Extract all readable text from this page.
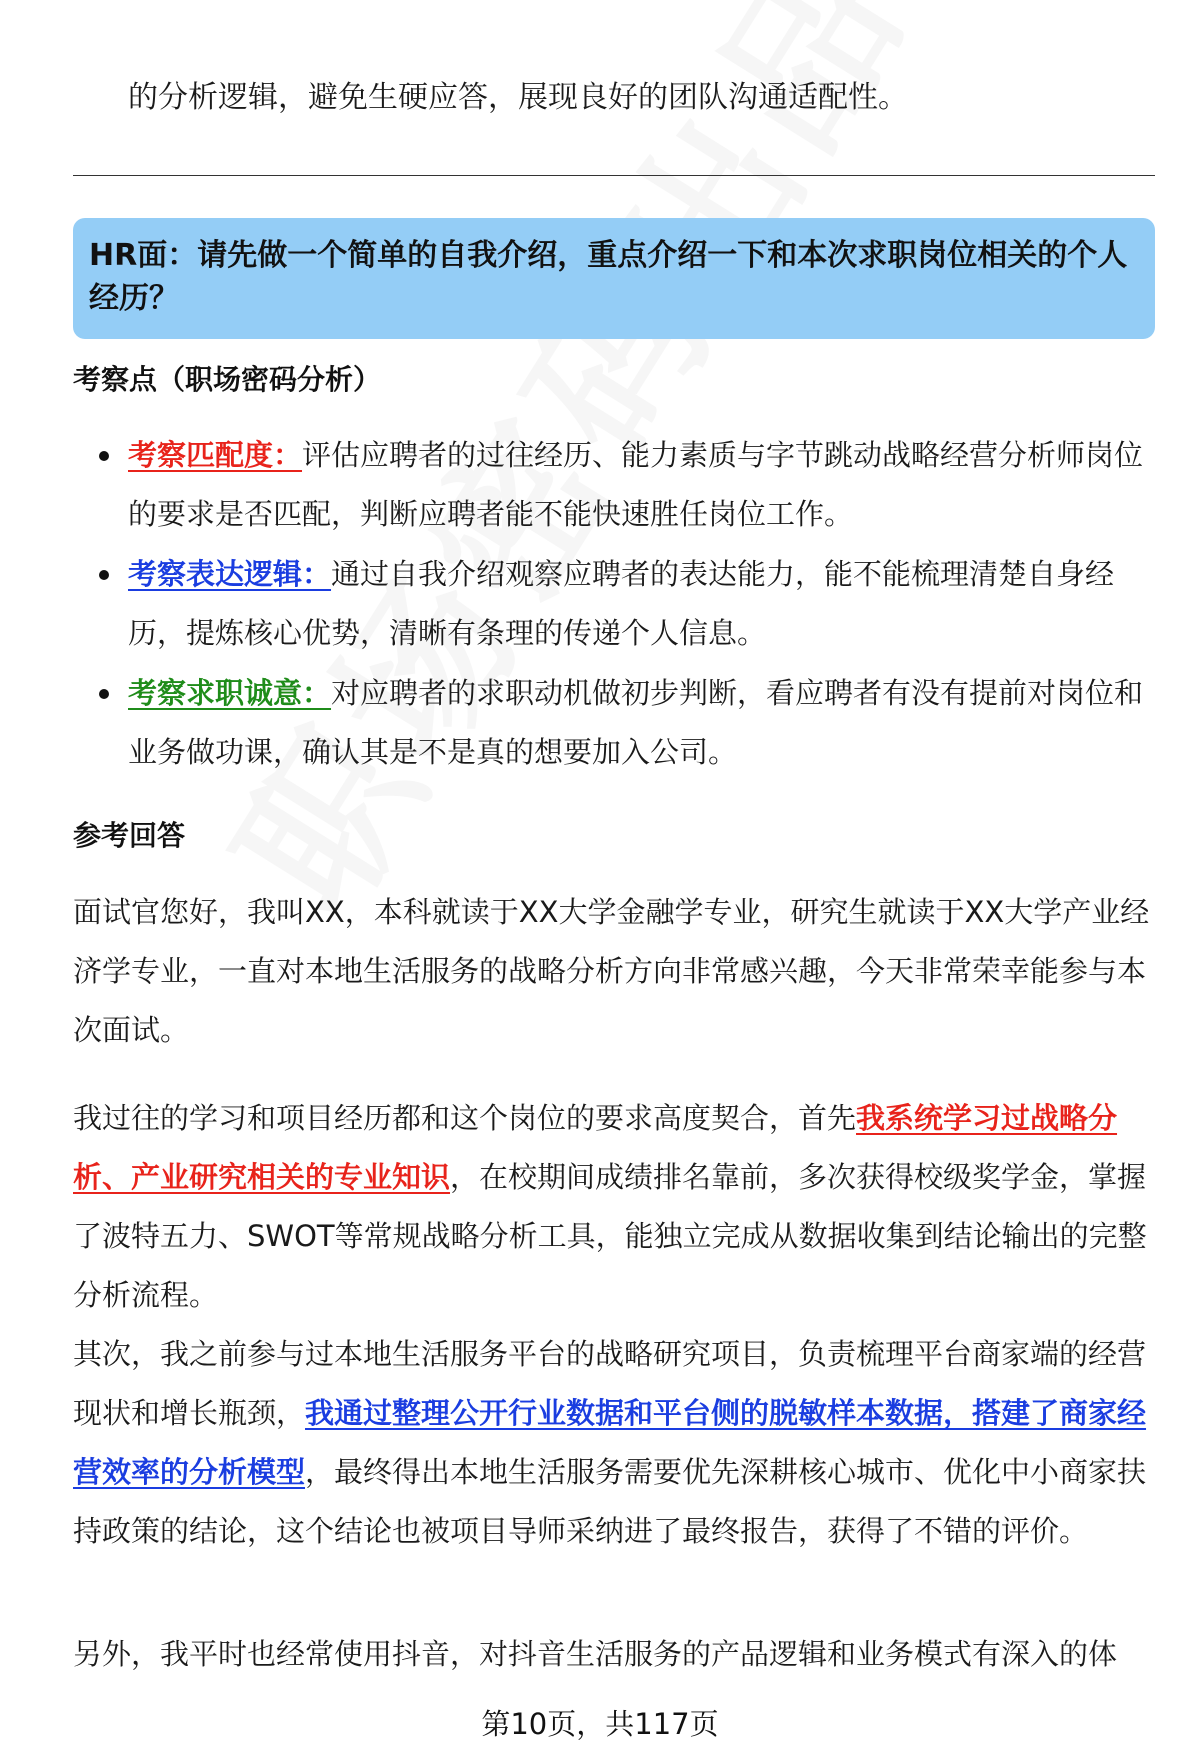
的分析逻辑，避免生硬应答，展现良好的团队沟通适配性。
HR面：请先做一个简单的自我介绍，重点介绍一下和本次求职岗位相关的个人经历？
考察点（职场密码分析）
考察匹配度：评估应聘者的过往经历、能力素质与字节跳动战略经营分析师岗位的要求是否匹配，判断应聘者能不能快速胜任岗位工作。
考察表达逻辑：通过自我介绍观察应聘者的表达能力，能不能梳理清楚自身经历，提炼核心优势，清晰有条理的传递个人信息。
考察求职诚意：对应聘者的求职动机做初步判断，看应聘者有没有提前对岗位和业务做功课，确认其是不是真的想要加入公司。
参考回答

面试官您好，我叫XX，本科就读于XX大学金融学专业，研究生就读于XX大学产业经济学专业，一直对本地生活服务的战略分析方向非常感兴趣，今天非常荣幸能参与本次面试。

我过往的学习和项目经历都和这个岗位的要求高度契合，首先我系统学习过战略分析、产业研究相关的专业知识，在校期间成绩排名靠前，多次获得校级奖学金，掌握了波特五力、SWOT等常规战略分析工具，能独立完成从数据收集到结论输出的完整分析流程。

其次，我之前参与过本地生活服务平台的战略研究项目，负责梳理平台商家端的经营现状和增长瓶颈，我通过整理公开行业数据和平台侧的脱敏样本数据，搭建了商家经营效率的分析模型，最终得出本地生活服务需要优先深耕核心城市、优化中小商家扶持政策的结论，这个结论也被项目导师采纳进了最终报告，获得了不错的评价。

另外，我平时也经常使用抖音，对抖音生活服务的产品逻辑和业务模式有深入的体

第10页，共117页
